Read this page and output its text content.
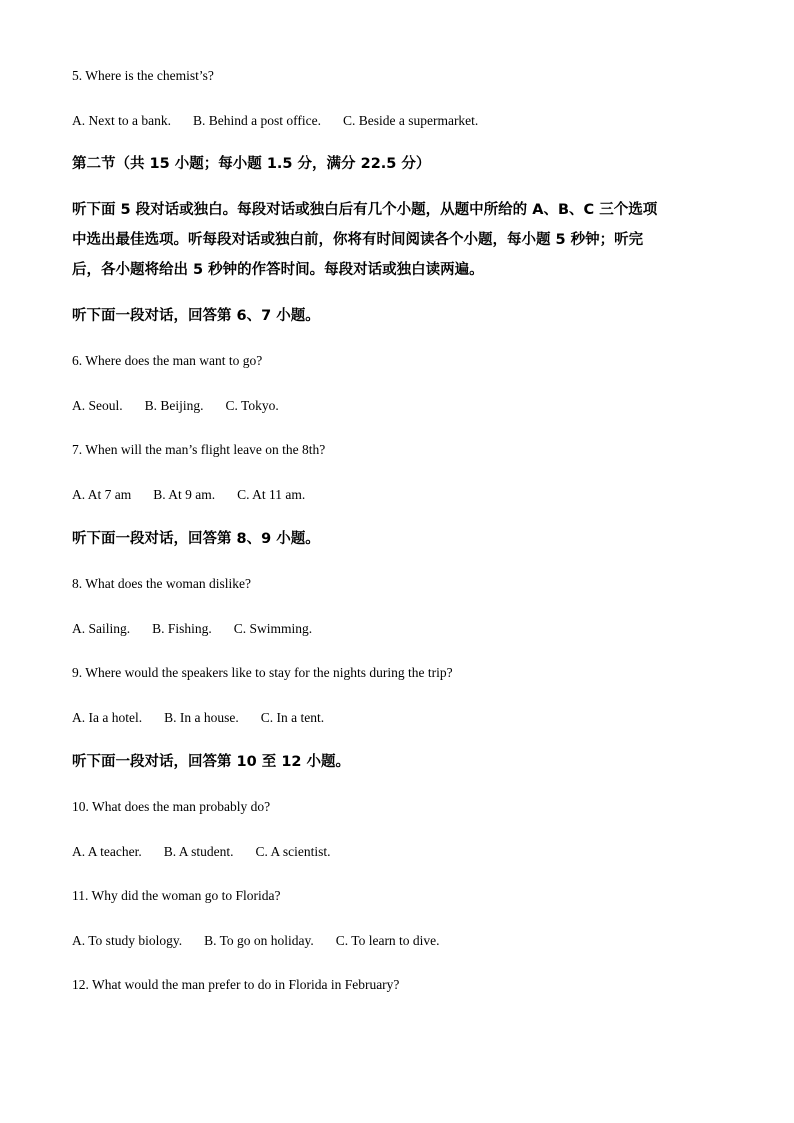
5. Where is the chemist’s?
A. Next to a bank. B. Behind a post office. C. Beside a supermarket.
第二节（共 15 小题；每小题 1.5 分，满分 22.5 分）
听下面 5 段对话或独白。每段对话或独白后有几个小题，从题中所给的 A、B、C 三个选项
中选出最佳选项。听每段对话或独白前，你将有时间阅读各个小题，每小题 5 秒钟；听完
后，各小题将给出 5 秒钟的作答时间。每段对话或独白读两遍。
听下面一段对话，回答第 6、7 小题。
6. Where does the man want to go?
A. Seoul. B. Beijing. C. Tokyo.
7. When will the man’s flight leave on the 8th?
A. At 7 am B. At 9 am. C. At 11 am.
听下面一段对话，回答第 8、9 小题。
8. What does the woman dislike?
A. Sailing. B. Fishing. C. Swimming.
9. Where would the speakers like to stay for the nights during the trip?
A. Ia a hotel. B. In a house. C. In a tent.
听下面一段对话，回答第 10 至 12 小题。
10. What does the man probably do?
A. A teacher. B. A student. C. A scientist.
11. Why did the woman go to Florida?
A. To study biology. B. To go on holiday. C. To learn to dive.
12. What would the man prefer to do in Florida in February?
